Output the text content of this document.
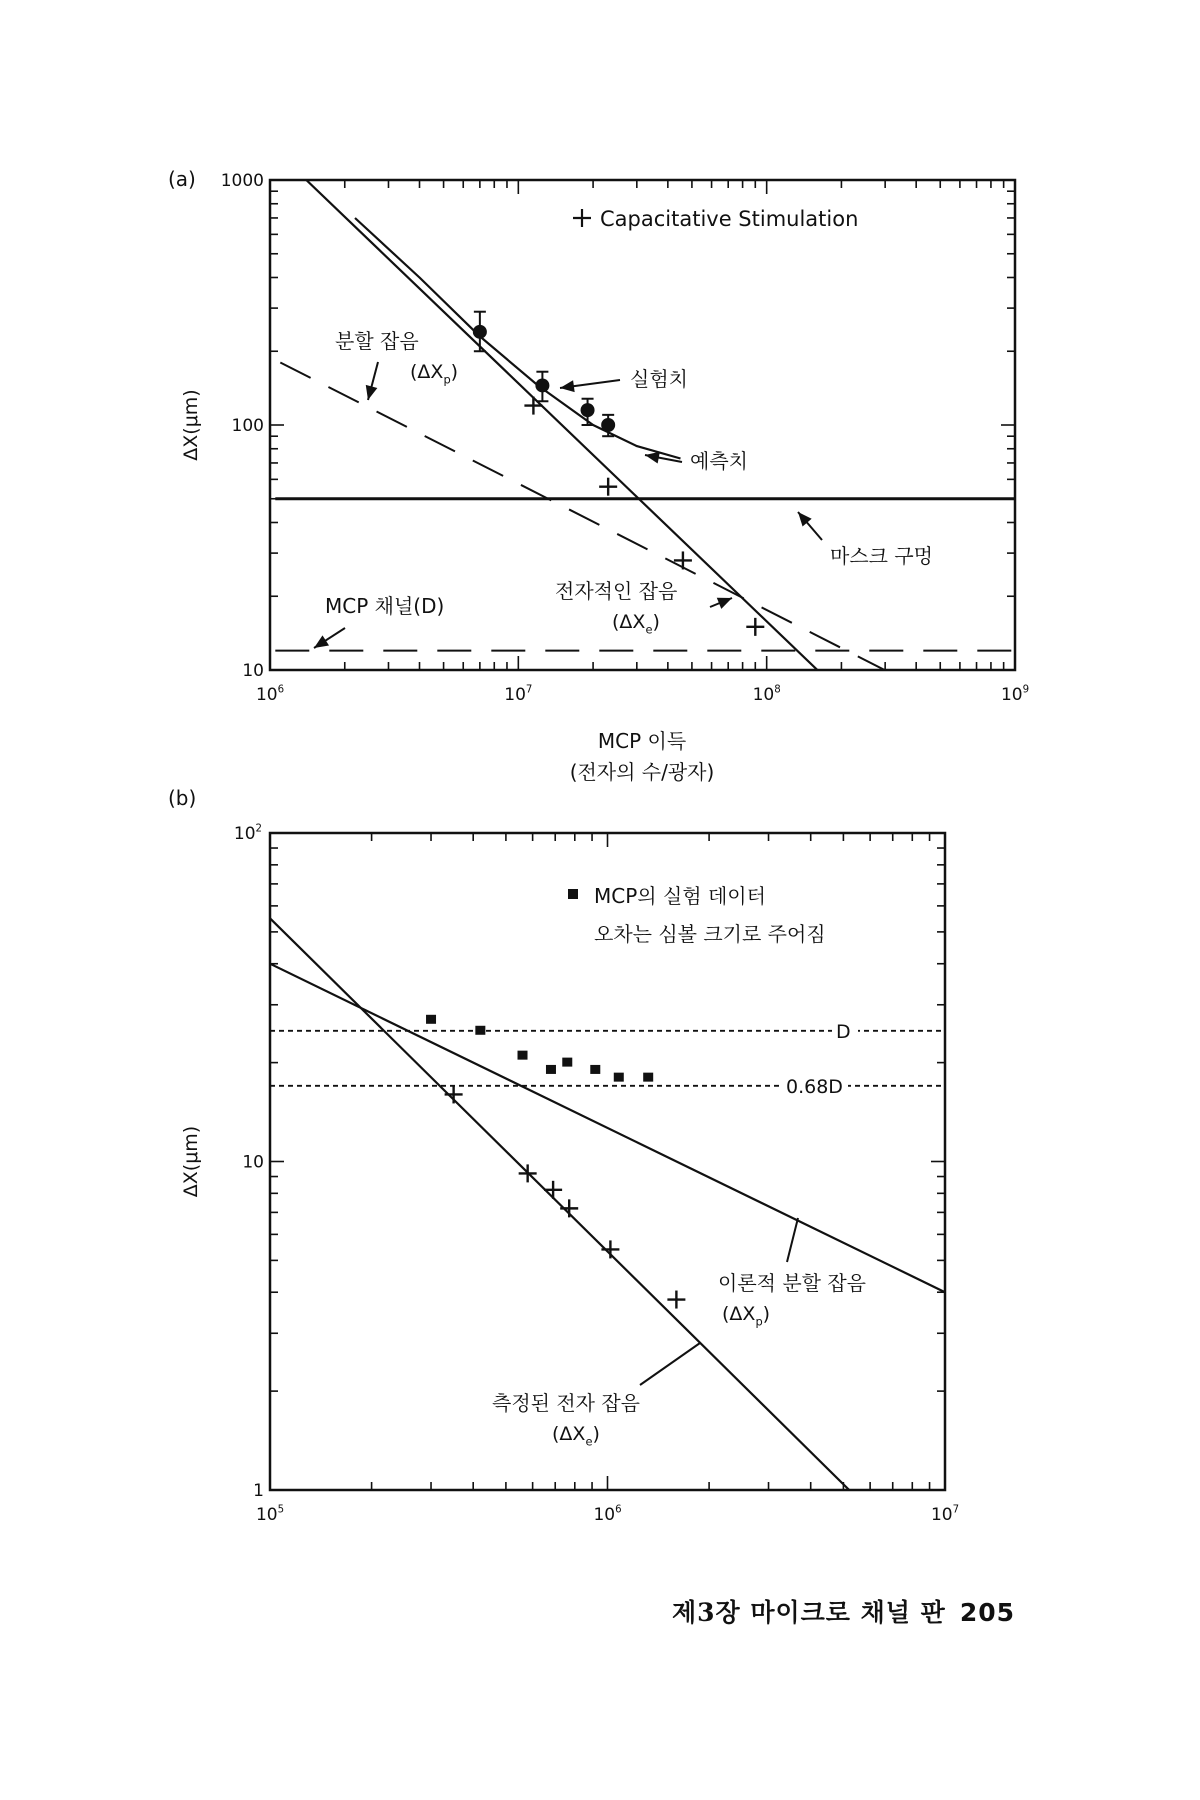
(a)
$10^6$	$10^7$	$10^8$	$10^9$
10
100
1000
ΔX(μm)
Capacitative Stimulation
MCP 이득
(전자의 수/광자)
분할 잡음
$(\Delta X_p)$	실험치
예측치
마스크 구멍
MCP 채널(D)
전자적인 잡음
$(\Delta X_e)$
(b)
$10^5$	$10^6$	$10^7$
1
10
$10^2$
ΔX(μm)
MCP의 실험 데이터
오차는 심볼 크기로 주어짐
D
0.68D
이론적 분할 잡음
$(\Delta X_p)$
측정된 전자 잡음
$(\Delta X_e)$
제3장 마이크로 채널 판 205
